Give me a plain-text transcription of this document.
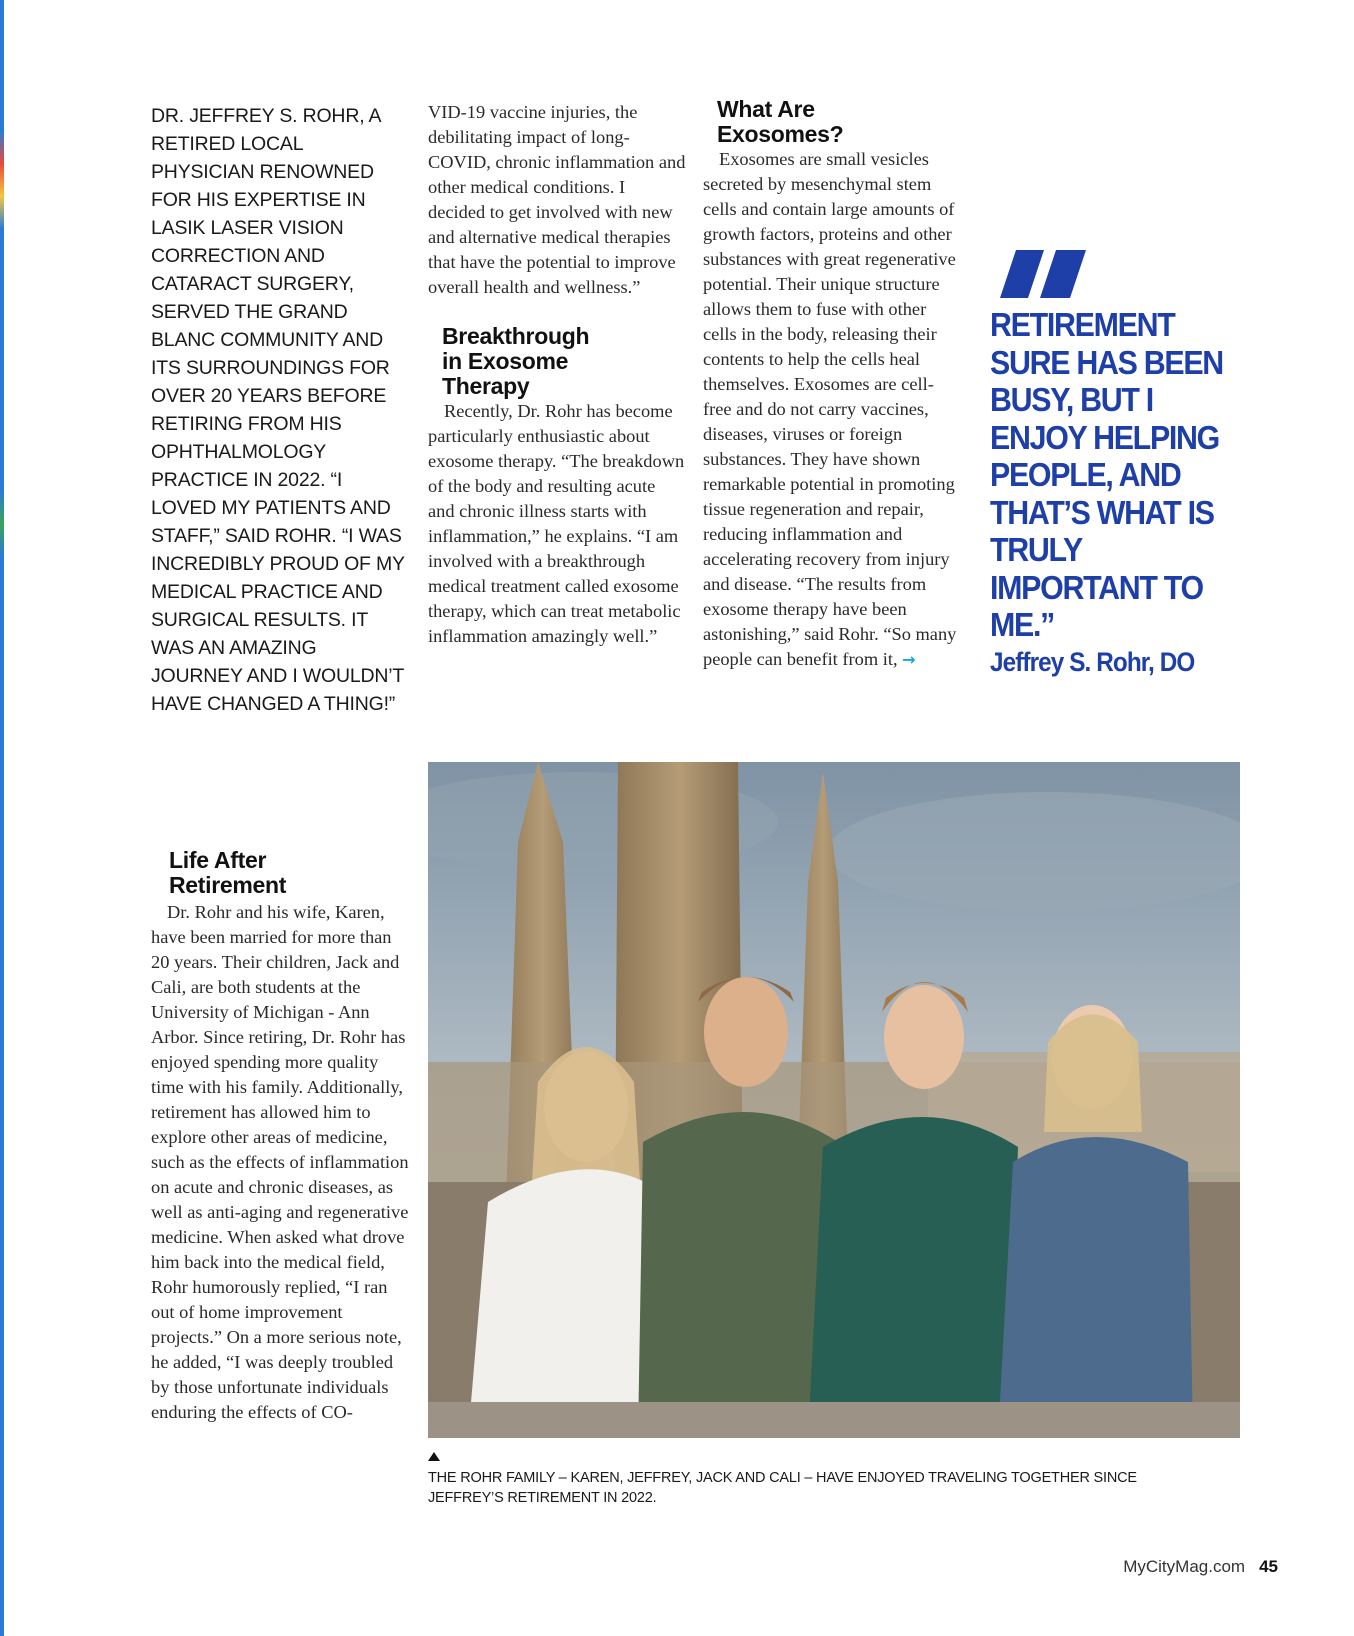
DR. JEFFREY S. ROHR, A RETIRED LOCAL PHYSICIAN RENOWNED FOR HIS EXPERTISE IN LASIK LASER VISION CORRECTION AND CATARACT SURGERY, SERVED THE GRAND BLANC COMMUNITY AND ITS SURROUNDINGS FOR OVER 20 YEARS BEFORE RETIRING FROM HIS OPHTHALMOLOGY PRACTICE IN 2022. “I LOVED MY PATIENTS AND STAFF,” SAID ROHR. “I WAS INCREDIBLY PROUD OF MY MEDICAL PRACTICE AND SURGICAL RESULTS. IT WAS AN AMAZING JOURNEY AND I WOULDN’T HAVE CHANGED A THING!”
Life After
Retirement

Dr. Rohr and his wife, Karen, have been married for more than 20 years. Their children, Jack and Cali, are both students at the University of Michigan - Ann Arbor. Since retiring, Dr. Rohr has enjoyed spending more quality time with his family. Additionally, retirement has allowed him to explore other areas of medicine, such as the effects of inflammation on acute and chronic diseases, as well as anti-aging and regenerative medicine. When asked what drove him back into the medical field, Rohr humorously replied, “I ran out of home improvement projects.” On a more serious note, he added, “I was deeply troubled by those unfortunate individuals enduring the effects of CO-

VID-19 vaccine injuries, the debilitating impact of long-COVID, chronic inflammation and other medical conditions. I decided to get involved with new and alternative medical therapies that have the potential to improve overall health and wellness.”

Breakthrough
in Exosome
Therapy

Recently, Dr. Rohr has become particularly enthusiastic about exosome therapy. “The breakdown of the body and resulting acute and chronic illness starts with inflammation,” he explains. “I am involved with a breakthrough medical treatment called exosome therapy, which can treat metabolic inflammation amazingly well.”

What Are
Exosomes?

Exosomes are small vesicles secreted by mesenchymal stem cells and contain large amounts of growth factors, proteins and other substances with great regenerative potential. Their unique structure allows them to fuse with other cells in the body, releasing their contents to help the cells heal themselves. Exosomes are cell-free and do not carry vaccines, diseases, viruses or foreign substances. They have shown remarkable potential in promoting tissue regeneration and repair, reducing inflammation and accelerating recovery from injury and disease. “The results from exosome therapy have been astonishing,” said Rohr. “So many people can benefit from it, →

RETIREMENT SURE HAS BEEN BUSY, BUT I ENJOY HELPING PEOPLE, AND THAT’S WHAT IS TRULY IMPORTANT TO ME.”
Jeffrey S. Rohr, DO
THE ROHR FAMILY – KAREN, JEFFREY, JACK AND CALI – HAVE ENJOYED TRAVELING TOGETHER SINCE JEFFREY’S RETIREMENT IN 2022.
MyCityMag.com 45
